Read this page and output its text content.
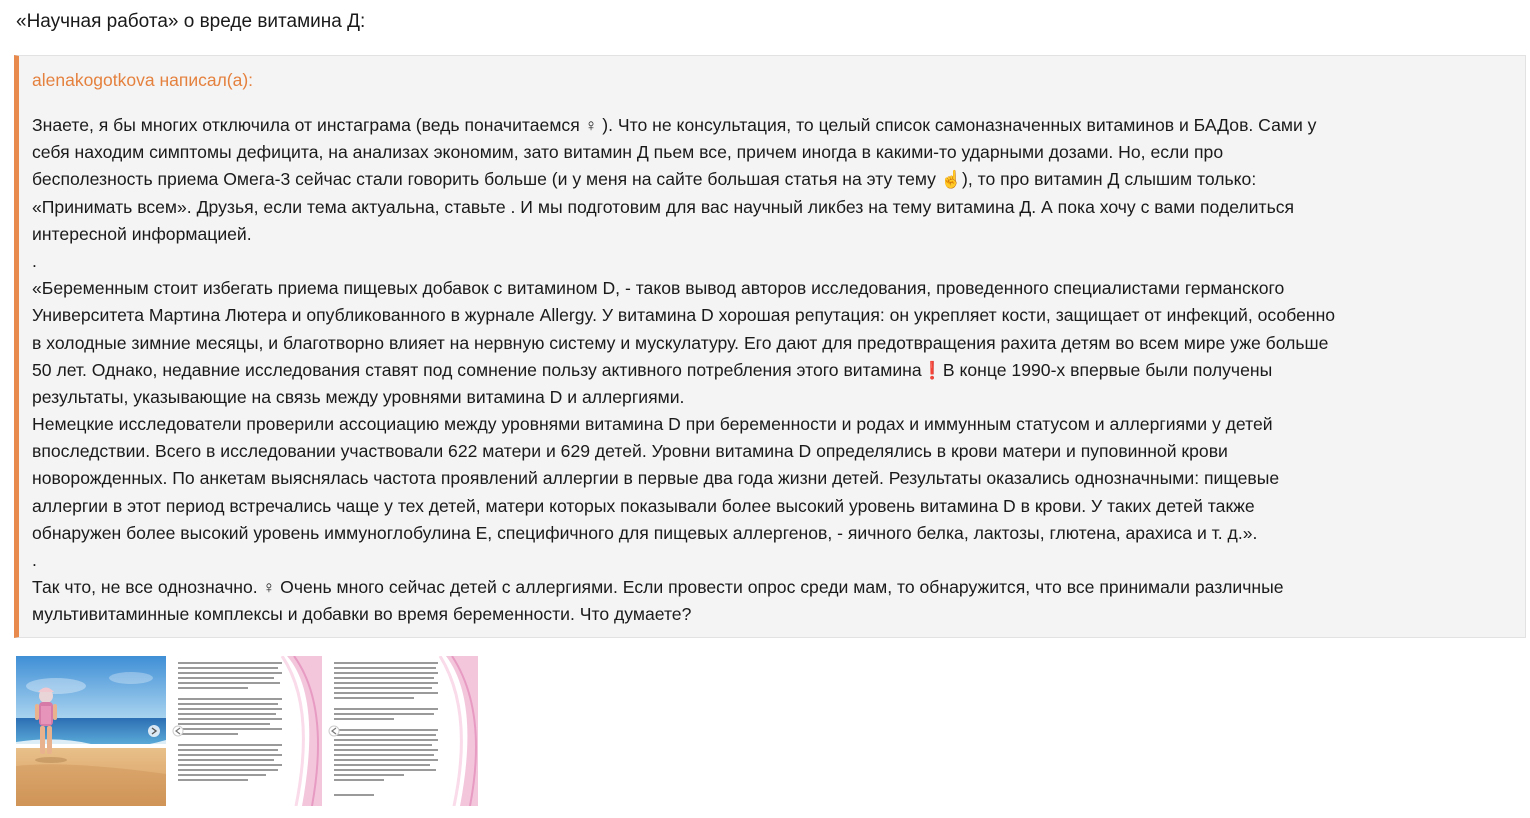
«Научная работа» о вреде витамина Д:
alenakogotkova написал(а):
Знаете, я бы многих отключила от инстаграма (ведь поначитаемся ♀ ). Что не консультация, то целый список самоназначенных витаминов и БАДов. Сами у
себя находим симптомы дефицита, на анализах экономим, зато витамин Д пьем все, причем иногда в какими-то ударными дозами. Но, если про
бесполезность приема Омега-3 сейчас стали говорить больше (и у меня на сайте большая статья на эту тему ☝), то про витамин Д слышим только:
«Принимать всем». Друзья, если тема актуальна, ставьте . И мы подготовим для вас научный ликбез на тему витамина Д. А пока хочу с вами поделиться
интересной информацией.
.
«Беременным стоит избегать приема пищевых добавок с витамином D, - таков вывод авторов исследования, проведенного специалистами германского
Университета Мартина Лютера и опубликованного в журнале Allergy. У витамина D хорошая репутация: он укрепляет кости, защищает от инфекций, особенно
в холодные зимние месяцы, и благотворно влияет на нервную систему и мускулатуру. Его дают для предотвращения рахита детям во всем мире уже больше
50 лет. Однако, недавние исследования ставят под сомнение пользу активного потребления этого витамина❗В конце 1990-х впервые были получены
результаты, указывающие на связь между уровнями витамина D и аллергиями.
Немецкие исследователи проверили ассоциацию между уровнями витамина D при беременности и родах и иммунным статусом и аллергиями у детей
впоследствии. Всего в исследовании участвовали 622 матери и 629 детей. Уровни витамина D определялись в крови матери и пуповинной крови
новорожденных. По анкетам выяснялась частота проявлений аллергии в первые два года жизни детей. Результаты оказались однозначными: пищевые
аллергии в этот период встречались чаще у тех детей, матери которых показывали более высокий уровень витамина D в крови. У таких детей также
обнаружен более высокий уровень иммуноглобулина Е, специфичного для пищевых аллергенов, - яичного белка, лактозы, глютена, арахиса и т. д.».
.
Так что, не все однозначно. ♀ Очень много сейчас детей с аллергиями. Если провести опрос среди мам, то обнаружится, что все принимали различные
мультивитаминные комплексы и добавки во время беременности. Что думаете?
